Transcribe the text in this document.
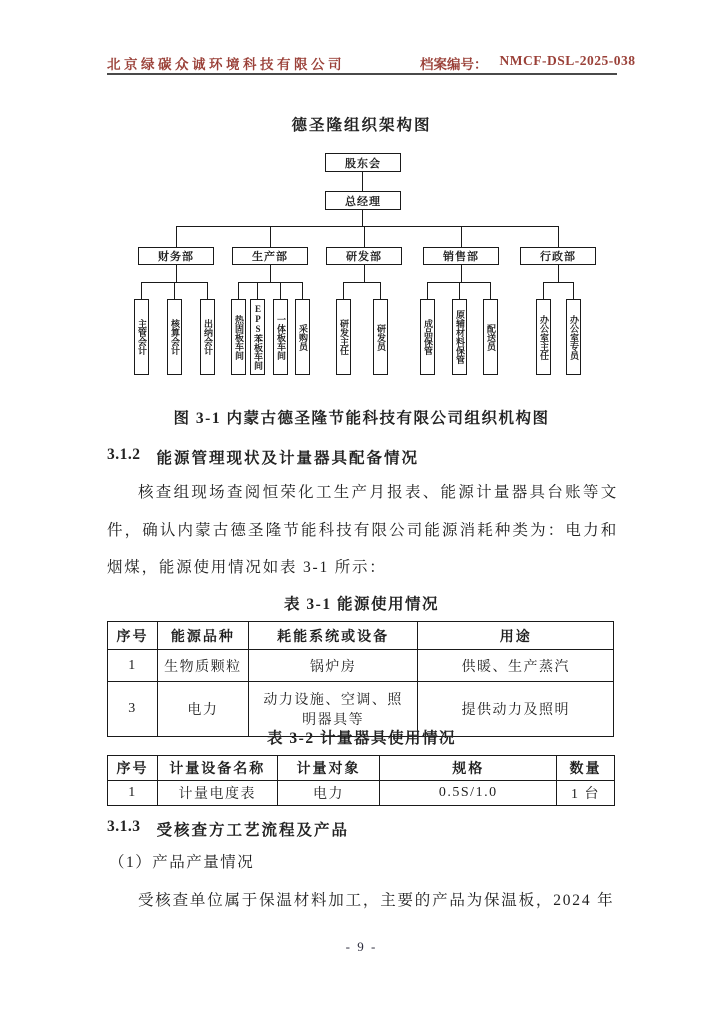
北京绿碳众诚环境科技有限公司	档案编号： NMCF-DSL-2025-038
德圣隆组织架构图
股东会
总经理
财务部	生产部	研发部	销售部	行政部
主管会计	核算会计	出纳会计	热固板车间	EPS苯板车间	一体板车间	采购员	研发主任	研发员	成品保管	原辅材料保管	配送员	办公室主任	办公室专员
图 3-1 内蒙古德圣隆节能科技有限公司组织机构图
3.1.2 能源管理现状及计量器具配备情况
核查组现场查阅恒荣化工生产月报表、能源计量器具台账等文件，确认内蒙古德圣隆节能科技有限公司能源消耗种类为：电力和烟煤，能源使用情况如表 3-1 所示：
表 3-1 能源使用情况
序号	能源品种	耗能系统或设备	用途
1	生物质颗粒	锅炉房	供暖、生产蒸汽
3	电力	动力设施、空调、照明器具等	提供动力及照明
表 3-2 计量器具使用情况
序号	计量设备名称	计量对象	规格	数量
1	计量电度表	电力	0.5S/1.0	1 台
3.1.3 受核查方工艺流程及产品
（1）产品产量情况
受核查单位属于保温材料加工，主要的产品为保温板，2024 年
- 9 -
